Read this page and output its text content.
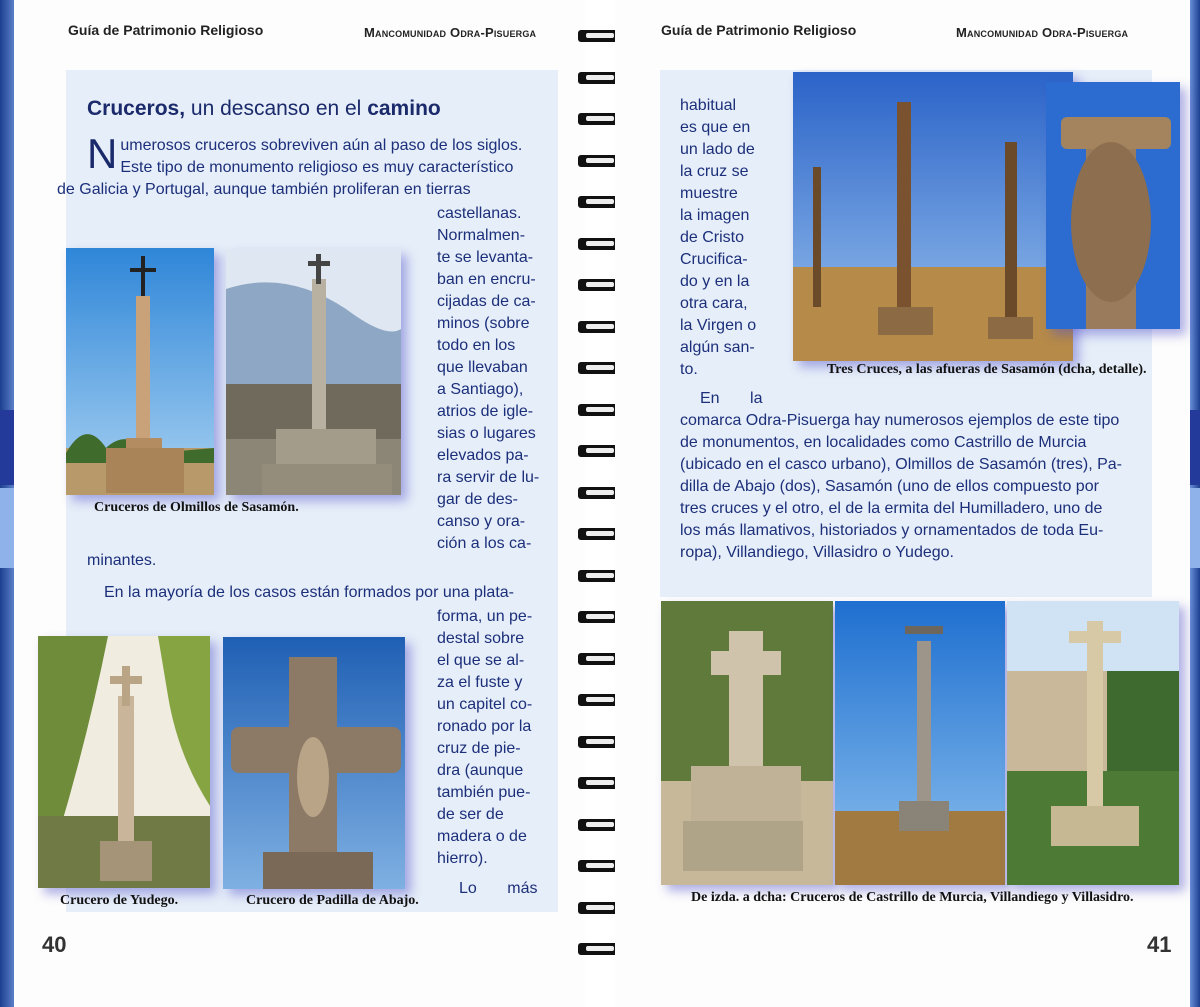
Guía de Patrimonio Religioso	Mancomunidad Odra-Pisuerga
Cruceros, un descanso en el camino
N umerosos cruceros sobreviven aún al paso de los siglos.
Este tipo de monumento religioso es muy característico
de Galicia y Portugal, aunque también proliferan en tierras
castellanas.
Normalmen-
te se levanta-
ban en encru-
cijadas de ca-
minos (sobre
todo en los
que llevaban
a Santiago),
atrios de igle-
sias o lugares
elevados pa-
ra servir de lu-
gar de des-
canso y ora-
ción a los ca-
minantes.
En la mayoría de los casos están formados por una plata-
forma, un pe-
destal sobre
el que se al-
za el fuste y
un capitel co-
ronado por la
cruz de pie-
dra (aunque
también pue-
de ser de
madera o de
hierro).
Lo más
Cruceros de Olmillos de Sasamón.
Crucero de Yudego.	Crucero de Padilla de Abajo.
40
Guía de Patrimonio Religioso	Mancomunidad Odra-Pisuerga
habitual
es que en
un lado de
la cruz se
muestre
la imagen
de Cristo
Crucifica-
do y en la
otra cara,
la Virgen o
algún san-
to.	Tres Cruces, a las afueras de Sasamón (dcha, detalle).
En la
comarca Odra-Pisuerga hay numerosos ejemplos de este tipo
de monumentos, en localidades como Castrillo de Murcia
(ubicado en el casco urbano), Olmillos de Sasamón (tres), Pa-
dilla de Abajo (dos), Sasamón (uno de ellos compuesto por
tres cruces y el otro, el de la ermita del Humilladero, uno de
los más llamativos, historiados y ornamentados de toda Eu-
ropa), Villandiego, Villasidro o Yudego.
De izda. a dcha: Cruceros de Castrillo de Murcia, Villandiego y Villasidro.
41
